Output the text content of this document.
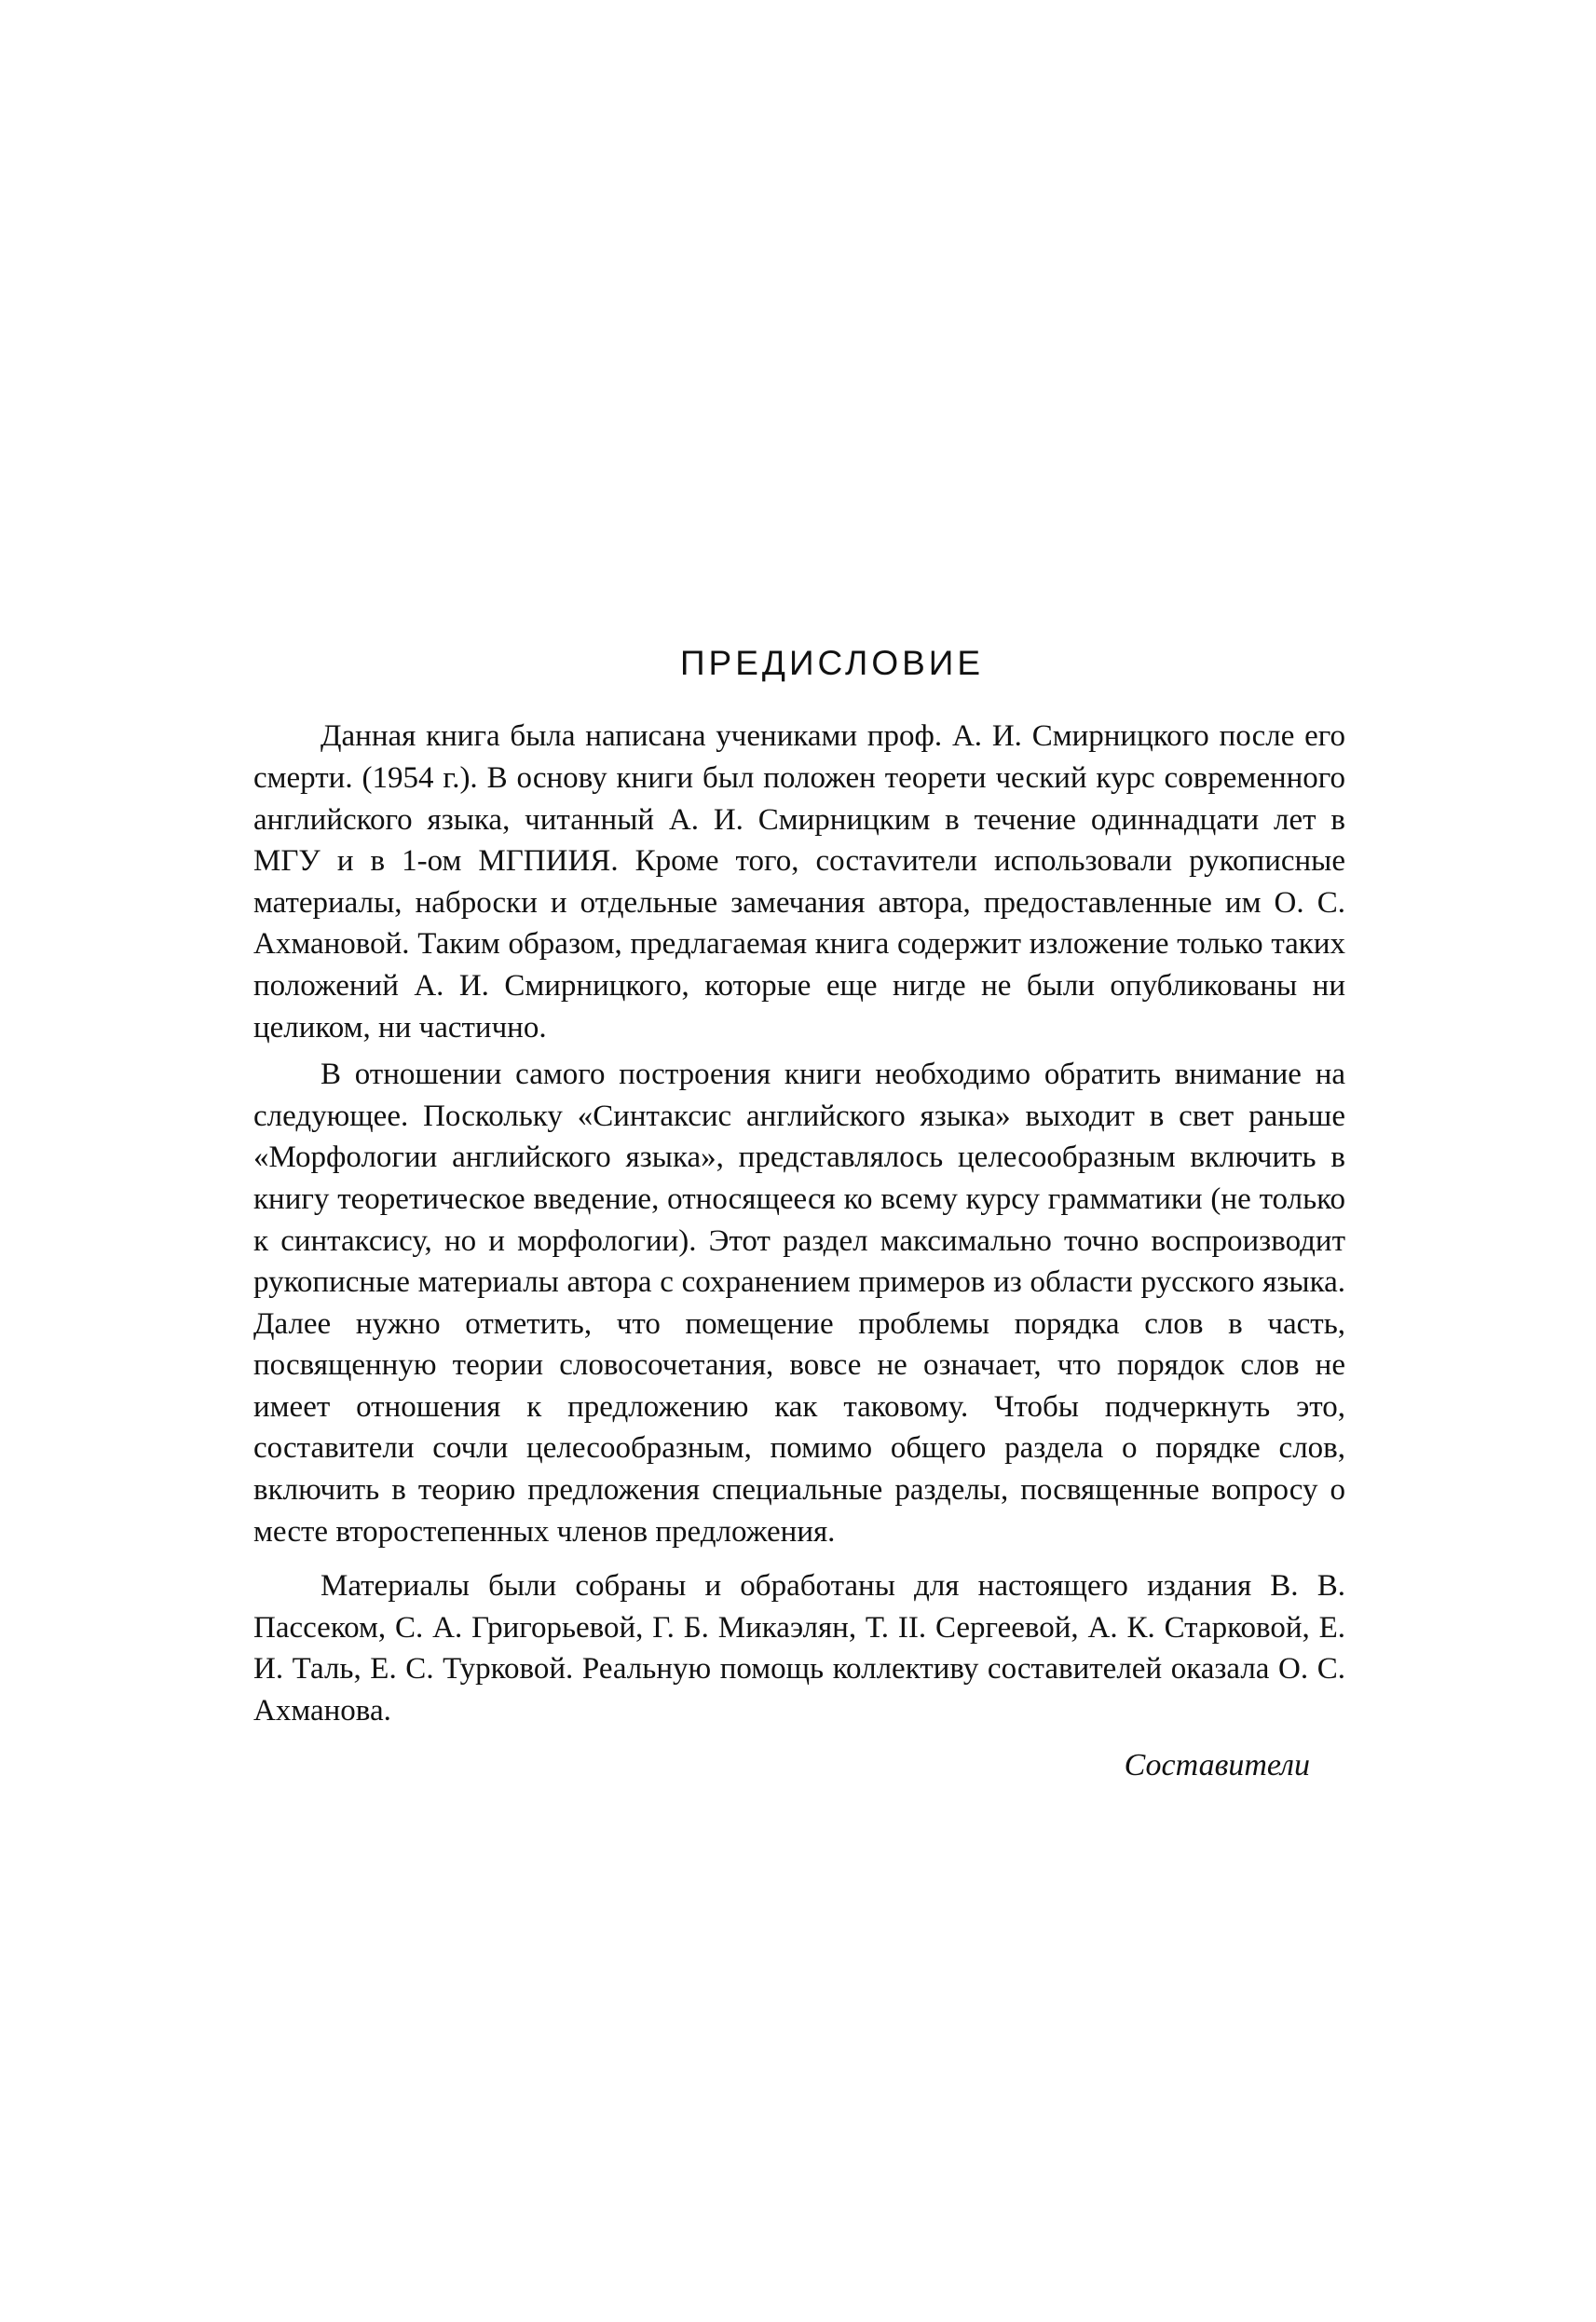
ПРЕДИСЛОВИЕ

Данная книга была написана учениками проф. А. И. Смирницкого после его смерти. (1954 г.). В основу книги был положен теорети ческий курс современного английского языка, читанный А. И. Смирницким в течение одиннадцати лет в МГУ и в 1-ом МГПИИЯ. Кроме того, состаvители использовали рукописные материалы, наброски и отдельные замечания автора, предоставленные им О. С. Ахмановой. Таким образом, предлагаемая книга содержит изложение только таких положений А. И. Смирницкого, которые еще нигде не были опубликованы ни целиком, ни частично.

В отношении самого построения книги необходимо обратить внимание на следующее. Поскольку «Синтаксис английского языка» выходит в свет раньше «Морфологии английского языка», представлялось целесообразным включить в книгу теоретическое введение, относящееся ко всему курсу грамматики (не только к синтаксису, но и морфологии). Этот раздел максимально точно воспроизводит рукописные материалы автора с сохранением примеров из области русского языка. Далее нужно отметить, что помещение проблемы порядка слов в часть, посвященную теории словосочетания, вовсе не означает, что порядок слов не имеет отношения к предложению как таковому. Чтобы подчеркнуть это, составители сочли целесообразным, помимо общего раздела о порядке слов, включить в теорию предложения специальные разделы, посвященные вопросу о месте второстепенных членов предложения.

Материалы были собраны и обработаны для настоящего издания В. В. Пассеком, С. А. Григорьевой, Г. Б. Микаэлян, Т. II. Сергеевой, А. К. Старковой, Е. И. Таль, Е. С. Турковой. Реальную помощь коллективу составителей оказала О. С. Ахманова.

Составители
